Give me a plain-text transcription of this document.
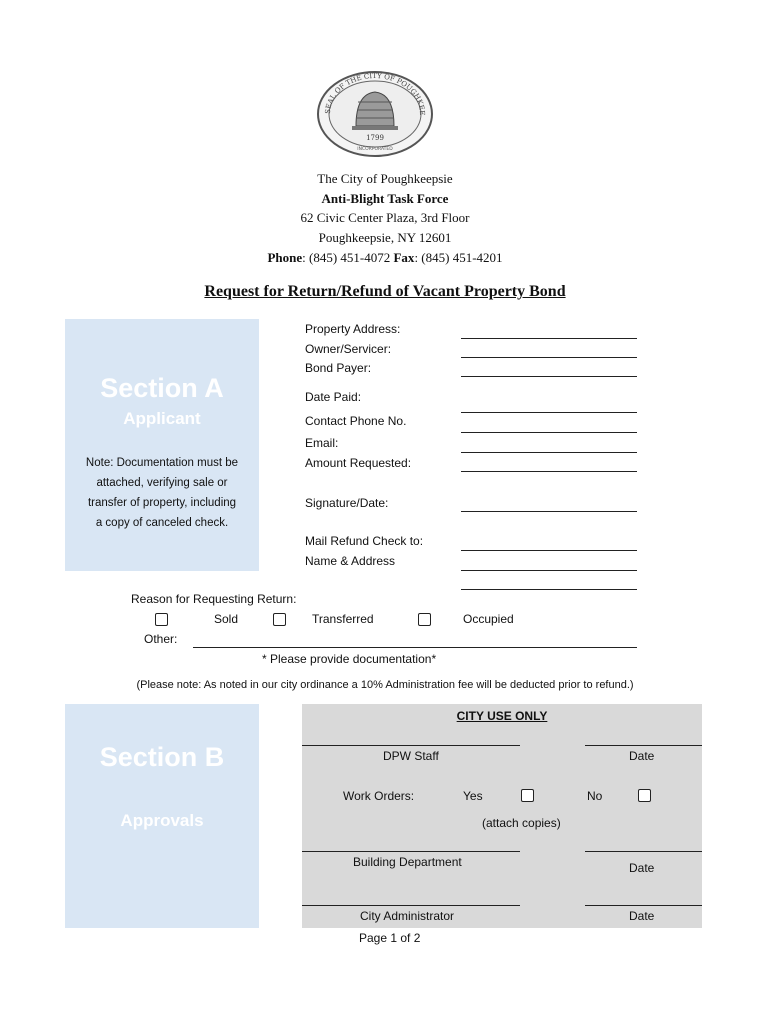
SEAL OF THE CITY OF POUGHKEE
1799
INCORPORATED
The City of Poughkeepsie
Anti-Blight Task Force
62 Civic Center Plaza, 3rd Floor
Poughkeepsie, NY 12601
Phone: (845) 451-4072 Fax: (845) 451-4201
Request for Return/Refund of Vacant Property Bond
Section A
Applicant
Note: Documentation must be
attached, verifying sale or
transfer of property, including
a copy of canceled check.
Property Address:
Owner/Servicer:
Bond Payer:
Date Paid:
Contact Phone No.
Email:
Amount Requested:
Signature/Date:
Mail Refund Check to:
Name & Address
Reason for Requesting Return:
Sold	Transferred	Occupied
Other:
* Please provide documentation*
(Please note: As noted in our city ordinance a 10% Administration fee will be deducted prior to refund.)
Section B
Approvals
CITY USE ONLY
DPW Staff	Date
Work Orders:	Yes	No
(attach copies)
Building Department	Date
City Administrator	Date
Page 1 of 2
